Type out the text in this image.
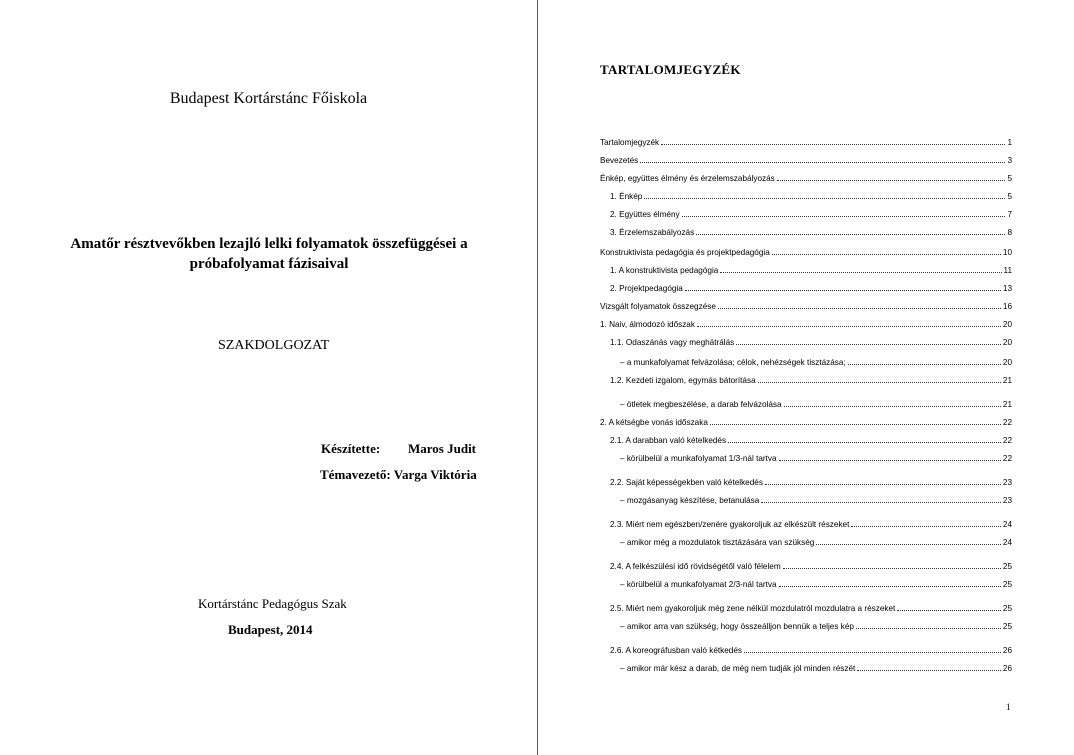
Budapest Kortárstánc Főiskola
Amatőr résztvevőkben lezajló lelki folyamatok összefüggései a próbafolyamat fázisaival
SZAKDOLGOZAT
Készítette: Maros Judit
Témavezető: Varga Viktória
Kortárstánc Pedagógus Szak
Budapest, 2014
TARTALOMJEGYZÉK
Tartalomjegyzék	1
Bevezetés	3
Énkép, együttes élmény és érzelemszabályozás	5
1. Énkép	5
2. Együttes élmény	7
3. Érzelemszabályozás	8
Konstruktivista pedagógia és projektpedagógia	10
1. A konstruktivista pedagógia	11
2. Projektpedagógia	13
Vizsgált folyamatok összegzése	16
1. Naiv, álmodozó időszak	20
1.1. Odaszánás vagy meghátrálás	20
– a munkafolyamat felvázolása; célok, nehézségek tisztázása;	20
1.2. Kezdeti izgalom, egymás bátorítása	21
– ötletek megbeszélése, a darab felvázolása	21
2. A kétségbe vonás időszaka	22
2.1. A darabban való kételkedés	22
– körülbelül a munkafolyamat 1/3-nál tartva	22
2.2. Saját képességekben való kételkedés	23
– mozgásanyag készítése, betanulása	23
2.3. Miért nem egészben/zenére gyakoroljuk az elkészült részeket	24
– amikor még a mozdulatok tisztázására van szükség	24
2.4. A felkészülési idő rövidségétől való félelem	25
– körülbelül a munkafolyamat 2/3-nál tartva	25
2.5. Miért nem gyakoroljuk még zene nélkül mozdulatról mozdulatra a részeket	25
– amikor arra van szükség, hogy összeálljon bennük a teljes kép	25
2.6. A koreográfusban való kétkedés	26
– amikor már kész a darab, de még nem tudják jól minden részét	26
1
